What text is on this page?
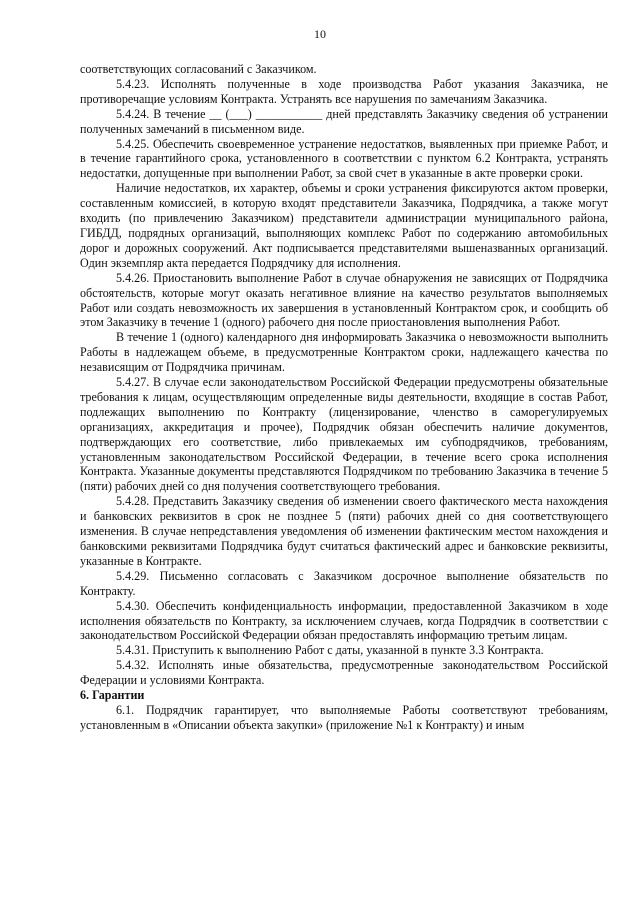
10

соответствующих согласований с Заказчиком.

5.4.23. Исполнять полученные в ходе производства Работ указания Заказчика, не противоречащие условиям Контракта. Устранять все нарушения по замечаниям Заказчика.

5.4.24. В течение __ (___) ___________ дней представлять Заказчику сведения об устранении полученных замечаний в письменном виде.

5.4.25. Обеспечить своевременное устранение недостатков, выявленных при приемке Работ, и в течение гарантийного срока, установленного в соответствии с пунктом 6.2 Контракта, устранять недостатки, допущенные при выполнении Работ, за свой счет в указанные в акте проверки сроки.

Наличие недостатков, их характер, объемы и сроки устранения фиксируются актом проверки, составленным комиссией, в которую входят представители Заказчика, Подрядчика, а также могут входить (по привлечению Заказчиком) представители администрации муниципального района, ГИБДД, подрядных организаций, выполняющих комплекс Работ по содержанию автомобильных дорог и дорожных сооружений. Акт подписывается представителями вышеназванных организаций. Один экземпляр акта передается Подрядчику для исполнения.

5.4.26. Приостановить выполнение Работ в случае обнаружения не зависящих от Подрядчика обстоятельств, которые могут оказать негативное влияние на качество результатов выполняемых Работ или создать невозможность их завершения в установленный Контрактом срок, и сообщить об этом Заказчику в течение 1 (одного) рабочего дня после приостановления выполнения Работ.

В течение 1 (одного) календарного дня информировать Заказчика о невозможности выполнить Работы в надлежащем объеме, в предусмотренные Контрактом сроки, надлежащего качества по независящим от Подрядчика причинам.

5.4.27. В случае если законодательством Российской Федерации предусмотрены обязательные требования к лицам, осуществляющим определенные виды деятельности, входящие в состав Работ, подлежащих выполнению по Контракту (лицензирование, членство в саморегулируемых организациях, аккредитация и прочее), Подрядчик обязан обеспечить наличие документов, подтверждающих его соответствие, либо привлекаемых им субподрядчиков, требованиям, установленным законодательством Российской Федерации, в течение всего срока исполнения Контракта. Указанные документы представляются Подрядчиком по требованию Заказчика в течение 5 (пяти) рабочих дней со дня получения соответствующего требования.

5.4.28. Представить Заказчику сведения об изменении своего фактического места нахождения и банковских реквизитов в срок не позднее 5 (пяти) рабочих дней со дня соответствующего изменения. В случае непредставления уведомления об изменении фактическим местом нахождения и банковскими реквизитами Подрядчика будут считаться фактический адрес и банковские реквизиты, указанные в Контракте.

5.4.29. Письменно согласовать с Заказчиком досрочное выполнение обязательств по Контракту.

5.4.30. Обеспечить конфиденциальность информации, предоставленной Заказчиком в ходе исполнения обязательств по Контракту, за исключением случаев, когда Подрядчик в соответствии с законодательством Российской Федерации обязан предоставлять информацию третьим лицам.

5.4.31. Приступить к выполнению Работ с даты, указанной в пункте 3.3 Контракта.

5.4.32. Исполнять иные обязательства, предусмотренные законодательством Российской Федерации и условиями Контракта.

6. Гарантии

6.1. Подрядчик гарантирует, что выполняемые Работы соответствуют требованиям, установленным в «Описании объекта закупки» (приложение №1 к Контракту) и иным
